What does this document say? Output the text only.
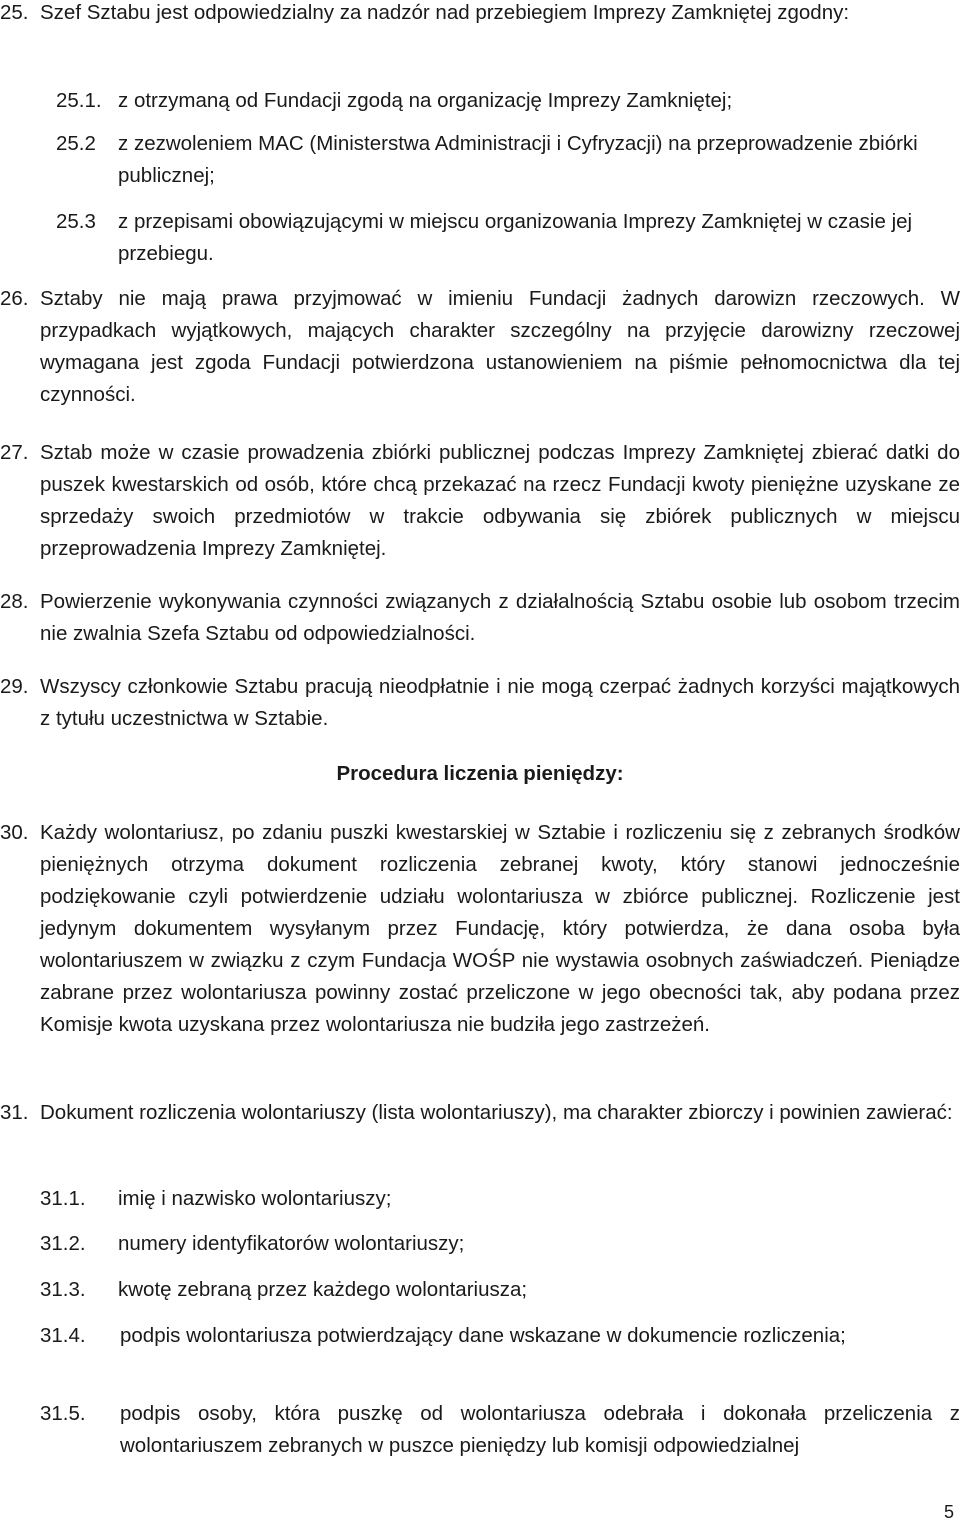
25. Szef Sztabu jest odpowiedzialny za nadzór nad przebiegiem Imprezy Zamkniętej zgodny:
25.1. z otrzymaną od Fundacji zgodą na organizację Imprezy Zamkniętej;
25.2 z zezwoleniem MAC (Ministerstwa Administracji i Cyfryzacji) na przeprowadzenie zbiórki publicznej;
25.3 z przepisami obowiązującymi w miejscu organizowania Imprezy Zamkniętej w czasie jej przebiegu.
26. Sztaby nie mają prawa przyjmować w imieniu Fundacji żadnych darowizn rzeczowych. W przypadkach wyjątkowych, mających charakter szczególny na przyjęcie darowizny rzeczowej wymagana jest zgoda Fundacji potwierdzona ustanowieniem na piśmie pełnomocnictwa dla tej czynności.
27. Sztab może w czasie prowadzenia zbiórki publicznej podczas Imprezy Zamkniętej zbierać datki do puszek kwestarskich od osób, które chcą przekazać na rzecz Fundacji kwoty pieniężne uzyskane ze sprzedaży swoich przedmiotów w trakcie odbywania się zbiórek publicznych w miejscu przeprowadzenia Imprezy Zamkniętej.
28. Powierzenie wykonywania czynności związanych z działalnością Sztabu osobie lub osobom trzecim nie zwalnia Szefa Sztabu od odpowiedzialności.
29. Wszyscy członkowie Sztabu pracują nieodpłatnie i nie mogą czerpać żadnych korzyści majątkowych z tytułu uczestnictwa w Sztabie.
Procedura liczenia pieniędzy:
30. Każdy wolontariusz, po zdaniu puszki kwestarskiej w Sztabie i rozliczeniu się z zebranych środków pieniężnych otrzyma dokument rozliczenia zebranej kwoty, który stanowi jednocześnie podziękowanie czyli potwierdzenie udziału wolontariusza w zbiórce publicznej. Rozliczenie jest jedynym dokumentem wysyłanym przez Fundację, który potwierdza, że dana osoba była wolontariuszem w związku z czym Fundacja WOŚP nie wystawia osobnych zaświadczeń. Pieniądze zabrane przez wolontariusza powinny zostać przeliczone w jego obecności tak, aby podana przez Komisje kwota uzyskana przez wolontariusza nie budziła jego zastrzeżeń.
31. Dokument rozliczenia wolontariuszy (lista wolontariuszy), ma charakter zbiorczy i powinien zawierać:
31.1. imię i nazwisko wolontariuszy;
31.2. numery identyfikatorów wolontariuszy;
31.3. kwotę zebraną przez każdego wolontariusza;
31.4. podpis wolontariusza potwierdzający dane wskazane w dokumencie rozliczenia;
31.5. podpis osoby, która puszkę od wolontariusza odebrała i dokonała przeliczenia z wolontariuszem zebranych w puszce pieniędzy lub komisji odpowiedzialnej
5
